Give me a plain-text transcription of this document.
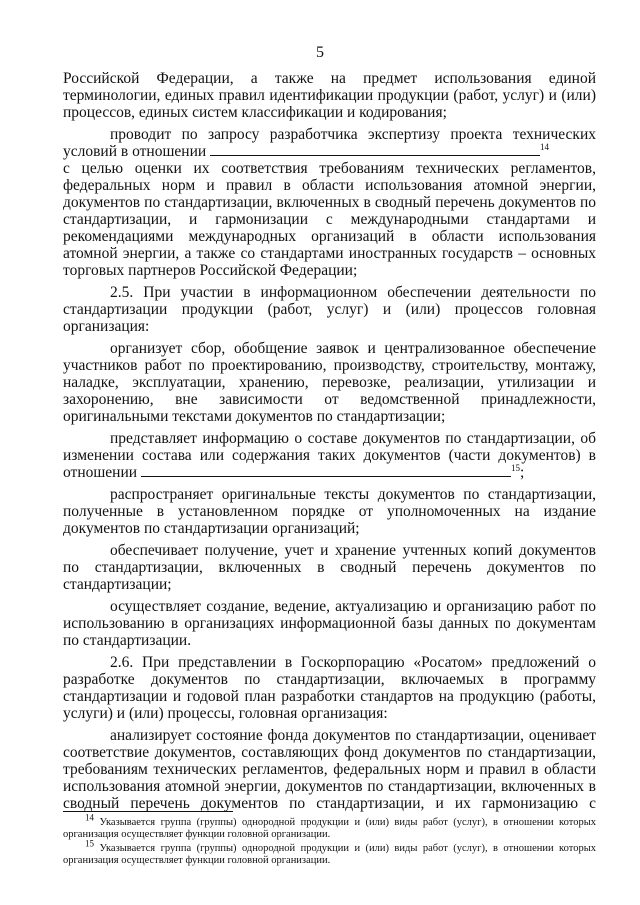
5

Российской Федерации, а также на предмет использования единой терминологии, единых правил идентификации продукции (работ, услуг) и (или) процессов, единых систем классификации и кодирования;

проводит по запросу разработчика экспертизу проекта технических условий в отношении	$^{14}$

с целью оценки их соответствия требованиям технических регламентов, федеральных норм и правил в области использования атомной энергии, документов по стандартизации, включенных в сводный перечень документов по стандартизации, и гармонизации с международными стандартами и рекомендациями международных организаций в области использования атомной энергии, а также со стандартами иностранных государств – основных торговых партнеров Российской Федерации;

2.5. При участии в информационном обеспечении деятельности по стандартизации продукции (работ, услуг) и (или) процессов головная организация:

организует сбор, обобщение заявок и централизованное обеспечение участников работ по проектированию, производству, строительству, монтажу, наладке, эксплуатации, хранению, перевозке, реализации, утилизации и захоронению, вне зависимости от ведомственной принадлежности, оригинальными текстами документов по стандартизации;

представляет информацию о составе документов по стандартизации, об изменении состава или содержания таких документов (части документов) в отношении	$^{15}$;

распространяет оригинальные тексты документов по стандартизации, полученные в установленном порядке от уполномоченных на издание документов по стандартизации организаций;

обеспечивает получение, учет и хранение учтенных копий документов по стандартизации, включенных в сводный перечень документов по стандартизации;

осуществляет создание, ведение, актуализацию и организацию работ по использованию в организациях информационной базы данных по документам по стандартизации.

2.6. При представлении в Госкорпорацию «Росатом» предложений о разработке документов по стандартизации, включаемых в программу стандартизации и годовой план разработки стандартов на продукцию (работы, услуги) и (или) процессы, головная организация:

анализирует состояние фонда документов по стандартизации, оценивает соответствие документов, составляющих фонд документов по стандартизации, требованиям технических регламентов, федеральных норм и правил в области использования атомной энергии, документов по стандартизации, включенных в сводный перечень документов по стандартизации, и их гармонизацию с

$^{14}$ Указывается группа (группы) однородной продукции и (или) виды работ (услуг), в отношении которых организация осуществляет функции головной организации.
$^{15}$ Указывается группа (группы) однородной продукции и (или) виды работ (услуг), в отношении которых организация осуществляет функции головной организации.
